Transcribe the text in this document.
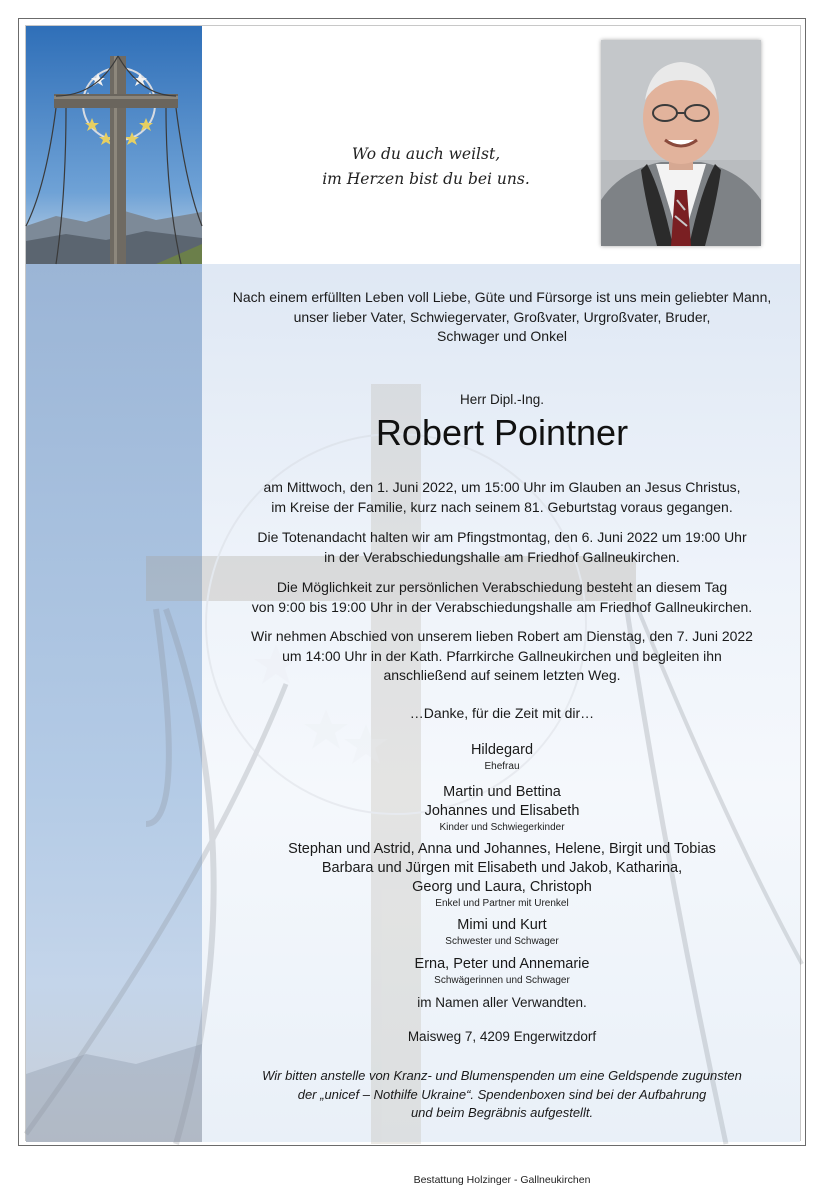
Wo du auch weilst,
im Herzen bist du bei uns.
Nach einem erfüllten Leben voll Liebe, Güte und Fürsorge ist uns mein geliebter Mann,
unser lieber Vater, Schwiegervater, Großvater, Urgroßvater, Bruder,
Schwager und Onkel
Herr Dipl.-Ing.
Robert Pointner
am Mittwoch, den 1. Juni 2022, um 15:00 Uhr im Glauben an Jesus Christus,
im Kreise der Familie, kurz nach seinem 81. Geburtstag voraus gegangen.
Die Totenandacht halten wir am Pfingstmontag, den 6. Juni 2022 um 19:00 Uhr
in der Verabschiedungshalle am Friedhof Gallneukirchen.
Die Möglichkeit zur persönlichen Verabschiedung besteht an diesem Tag
von 9:00 bis 19:00 Uhr in der Verabschiedungshalle am Friedhof Gallneukirchen.
Wir nehmen Abschied von unserem lieben Robert am Dienstag, den 7. Juni 2022
um 14:00 Uhr in der Kath. Pfarrkirche Gallneukirchen und begleiten ihn
anschließend auf seinem letzten Weg.
…Danke, für die Zeit mit dir…
Hildegard
Ehefrau
Martin und Bettina
Johannes und Elisabeth
Kinder und Schwiegerkinder
Stephan und Astrid, Anna und Johannes, Helene, Birgit und Tobias
Barbara und Jürgen mit Elisabeth und Jakob, Katharina,
Georg und Laura, Christoph
Enkel und Partner mit Urenkel
Mimi und Kurt
Schwester und Schwager
Erna, Peter und Annemarie
Schwägerinnen und Schwager
im Namen aller Verwandten.
Maisweg 7, 4209 Engerwitzdorf
Wir bitten anstelle von Kranz- und Blumenspenden um eine Geldspende zugunsten
der „unicef – Nothilfe Ukraine“. Spendenboxen sind bei der Aufbahrung
und beim Begräbnis aufgestellt.
Bestattung Holzinger - Gallneukirchen
